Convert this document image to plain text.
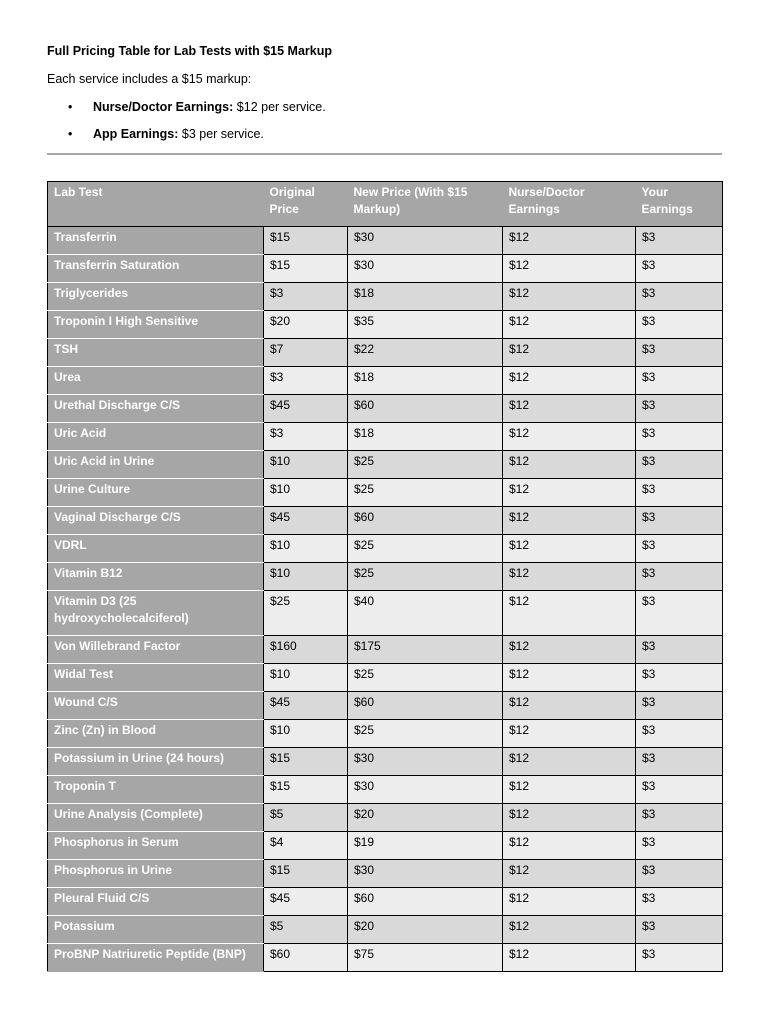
Full Pricing Table for Lab Tests with $15 Markup
Each service includes a $15 markup:
• Nurse/Doctor Earnings: $12 per service.
• App Earnings: $3 per service.
Lab Test	Original Price	New Price (With $15 Markup)	Nurse/Doctor Earnings	Your Earnings
Transferrin	$15	$30	$12	$3
Transferrin Saturation	$15	$30	$12	$3
Triglycerides	$3	$18	$12	$3
Troponin I High Sensitive	$20	$35	$12	$3
TSH	$7	$22	$12	$3
Urea	$3	$18	$12	$3
Urethal Discharge C/S	$45	$60	$12	$3
Uric Acid	$3	$18	$12	$3
Uric Acid in Urine	$10	$25	$12	$3
Urine Culture	$10	$25	$12	$3
Vaginal Discharge C/S	$45	$60	$12	$3
VDRL	$10	$25	$12	$3
Vitamin B12	$10	$25	$12	$3
Vitamin D3 (25 hydroxycholecalciferol)	$25	$40	$12	$3
Von Willebrand Factor	$160	$175	$12	$3
Widal Test	$10	$25	$12	$3
Wound C/S	$45	$60	$12	$3
Zinc (Zn) in Blood	$10	$25	$12	$3
Potassium in Urine (24 hours)	$15	$30	$12	$3
Troponin T	$15	$30	$12	$3
Urine Analysis (Complete)	$5	$20	$12	$3
Phosphorus in Serum	$4	$19	$12	$3
Phosphorus in Urine	$15	$30	$12	$3
Pleural Fluid C/S	$45	$60	$12	$3
Potassium	$5	$20	$12	$3
ProBNP Natriuretic Peptide (BNP)	$60	$75	$12	$3
